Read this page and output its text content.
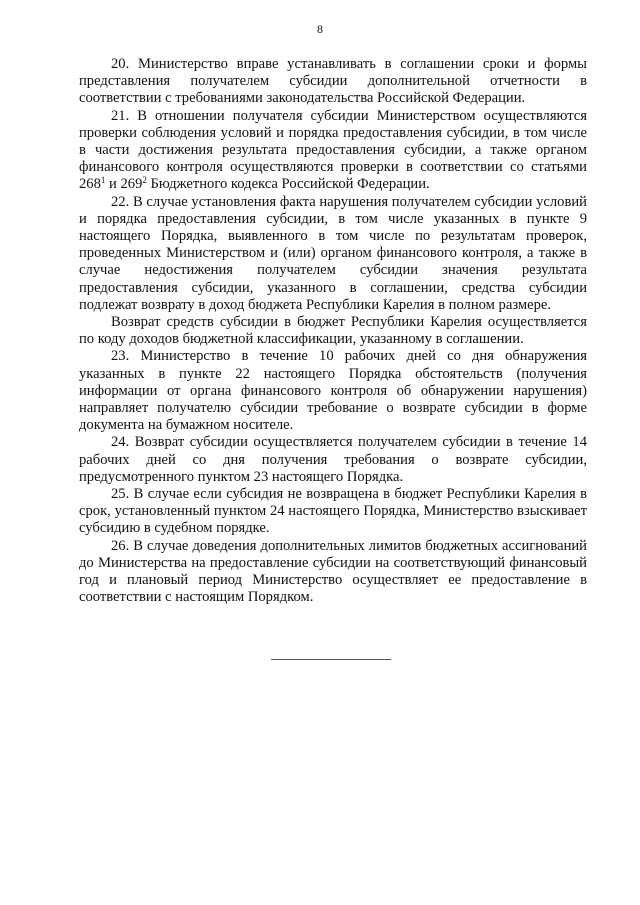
8

20. Министерство вправе устанавливать в соглашении сроки и формы представления получателем субсидии дополнительной отчетности в соответствии с требованиями законодательства Российской Федерации.

21. В отношении получателя субсидии Министерством осуществляются проверки соблюдения условий и порядка предоставления субсидии, в том числе в части достижения результата предоставления субсидии, а также органом финансового контроля осуществляются проверки в соответствии со статьями $268^1$ и $269^2$ Бюджетного кодекса Российской Федерации.

22. В случае установления факта нарушения получателем субсидии условий и порядка предоставления субсидии, в том числе указанных в пункте 9 настоящего Порядка, выявленного в том числе по результатам проверок, проведенных Министерством и (или) органом финансового контроля, а также в случае недостижения получателем субсидии значения результата предоставления субсидии, указанного в соглашении, средства субсидии подлежат возврату в доход бюджета Республики Карелия в полном размере.

Возврат средств субсидии в бюджет Республики Карелия осуществляется по коду доходов бюджетной классификации, указанному в соглашении.

23. Министерство в течение 10 рабочих дней со дня обнаружения указанных в пункте 22 настоящего Порядка обстоятельств (получения информации от органа финансового контроля об обнаружении нарушения) направляет получателю субсидии требование о возврате субсидии в форме документа на бумажном носителе.

24. Возврат субсидии осуществляется получателем субсидии в течение 14 рабочих дней со дня получения требования о возврате субсидии, предусмотренного пунктом 23 настоящего Порядка.

25. В случае если субсидия не возвращена в бюджет Республики Карелия в срок, установленный пунктом 24 настоящего Порядка, Министерство взыскивает субсидию в судебном порядке.

26. В случае доведения дополнительных лимитов бюджетных ассигнований до Министерства на предоставление субсидии на соответствующий финансовый год и плановый период Министерство осуществляет ее предоставление в соответствии с настоящим Порядком.
